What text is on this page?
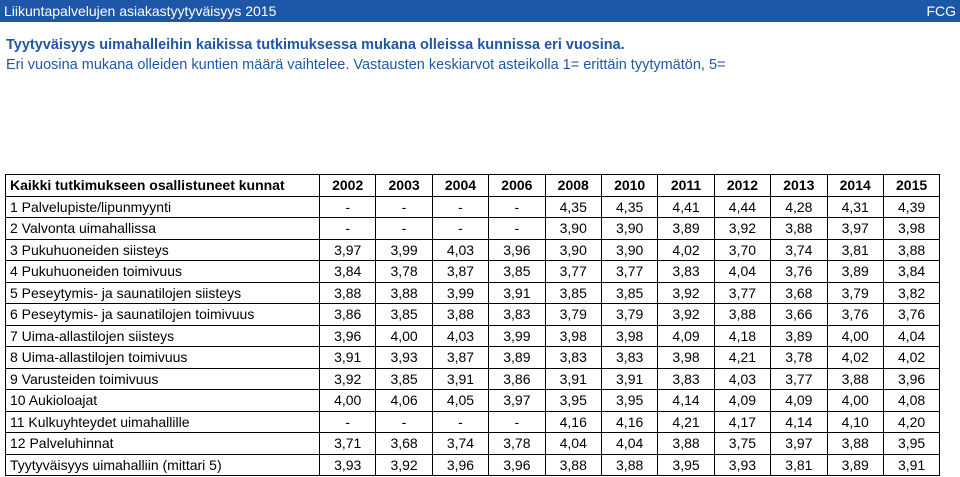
Liikuntapalvelujen asiakastyytyväisyys 2015	FCG
Tyytyväisyys uimahalleihin kaikissa tutkimuksessa mukana olleissa kunnissa eri vuosina.
Eri vuosina mukana olleiden kuntien määrä vaihtelee. Vastausten keskiarvot asteikolla 1= erittäin tyytymätön, 5=
Kaikki tutkimukseen osallistuneet kunnat	2002	2003	2004	2006	2008	2010	2011	2012	2013	2014	2015
1 Palvelupiste/lipunmyynti	-	-	-	-	4,35	4,35	4,41	4,44	4,28	4,31	4,39
2 Valvonta uimahallissa	-	-	-	-	3,90	3,90	3,89	3,92	3,88	3,97	3,98
3 Pukuhuoneiden siisteys	3,97	3,99	4,03	3,96	3,90	3,90	4,02	3,70	3,74	3,81	3,88
4 Pukuhuoneiden toimivuus	3,84	3,78	3,87	3,85	3,77	3,77	3,83	4,04	3,76	3,89	3,84
5 Peseytymis- ja saunatilojen siisteys	3,88	3,88	3,99	3,91	3,85	3,85	3,92	3,77	3,68	3,79	3,82
6 Peseytymis- ja saunatilojen toimivuus	3,86	3,85	3,88	3,83	3,79	3,79	3,92	3,88	3,66	3,76	3,76
7 Uima-allastilojen siisteys	3,96	4,00	4,03	3,99	3,98	3,98	4,09	4,18	3,89	4,00	4,04
8 Uima-allastilojen toimivuus	3,91	3,93	3,87	3,89	3,83	3,83	3,98	4,21	3,78	4,02	4,02
9 Varusteiden toimivuus	3,92	3,85	3,91	3,86	3,91	3,91	3,83	4,03	3,77	3,88	3,96
10 Aukioloajat	4,00	4,06	4,05	3,97	3,95	3,95	4,14	4,09	4,09	4,00	4,08
11 Kulkuyhteydet uimahallille	-	-	-	-	4,16	4,16	4,21	4,17	4,14	4,10	4,20
12 Palveluhinnat	3,71	3,68	3,74	3,78	4,04	4,04	3,88	3,75	3,97	3,88	3,95
Tyytyväisyys uimahalliin (mittari 5)	3,93	3,92	3,96	3,96	3,88	3,88	3,95	3,93	3,81	3,89	3,91
